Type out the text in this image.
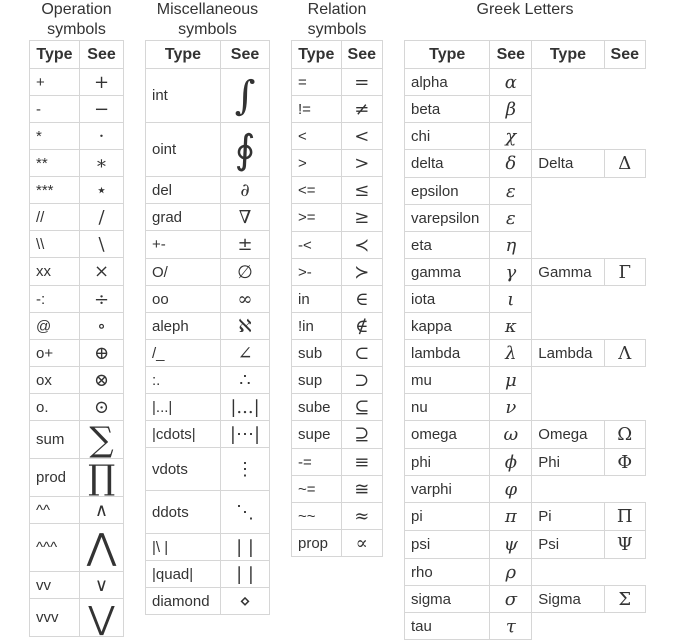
Operation
symbols
Type	See
+	+
-	−
*	⋅
**	∗
***	⋆
//	/
\\	\
xx	×
-:	÷
@	∘
o+	⊕
ox	⊗
o.	⊙
sum	∑
prod	∏
^^	∧
^^^	⋀
vv	∨
vvv	⋁
Miscellaneous
symbols
Type	See
int	∫
oint	∮
del	∂
grad	∇
+-	±
O/	∅
oo	∞
aleph	ℵ
/_	∠
:.	∴
|...|	|...|
|cdots|	|⋯|
vdots	⋮
ddots	⋱
|\ |	| |
|quad|	| |
diamond	⋄
Relation
symbols
Type	See
=	=
!=	≠
<	<
>	>
<=	≤
>=	≥
-<	≺
>-	≻
in	∈
!in	∉
sub	⊂
sup	⊃
sube	⊆
supe	⊇
-=	≡
~=	≅
~~	≈
prop	∝
Greek Letters
Type	See	Type	See
alpha	α		
beta	β		
chi	χ		
delta	δ	Delta	Δ
epsilon	ε		
varepsilon	ε		
eta	η		
gamma	γ	Gamma	Γ
iota	ι		
kappa	κ		
lambda	λ	Lambda	Λ
mu	μ		
nu	ν		
omega	ω	Omega	Ω
phi	ϕ	Phi	Φ
varphi	φ		
pi	π	Pi	Π
psi	ψ	Psi	Ψ
rho	ρ		
sigma	σ	Sigma	Σ
tau	τ		
